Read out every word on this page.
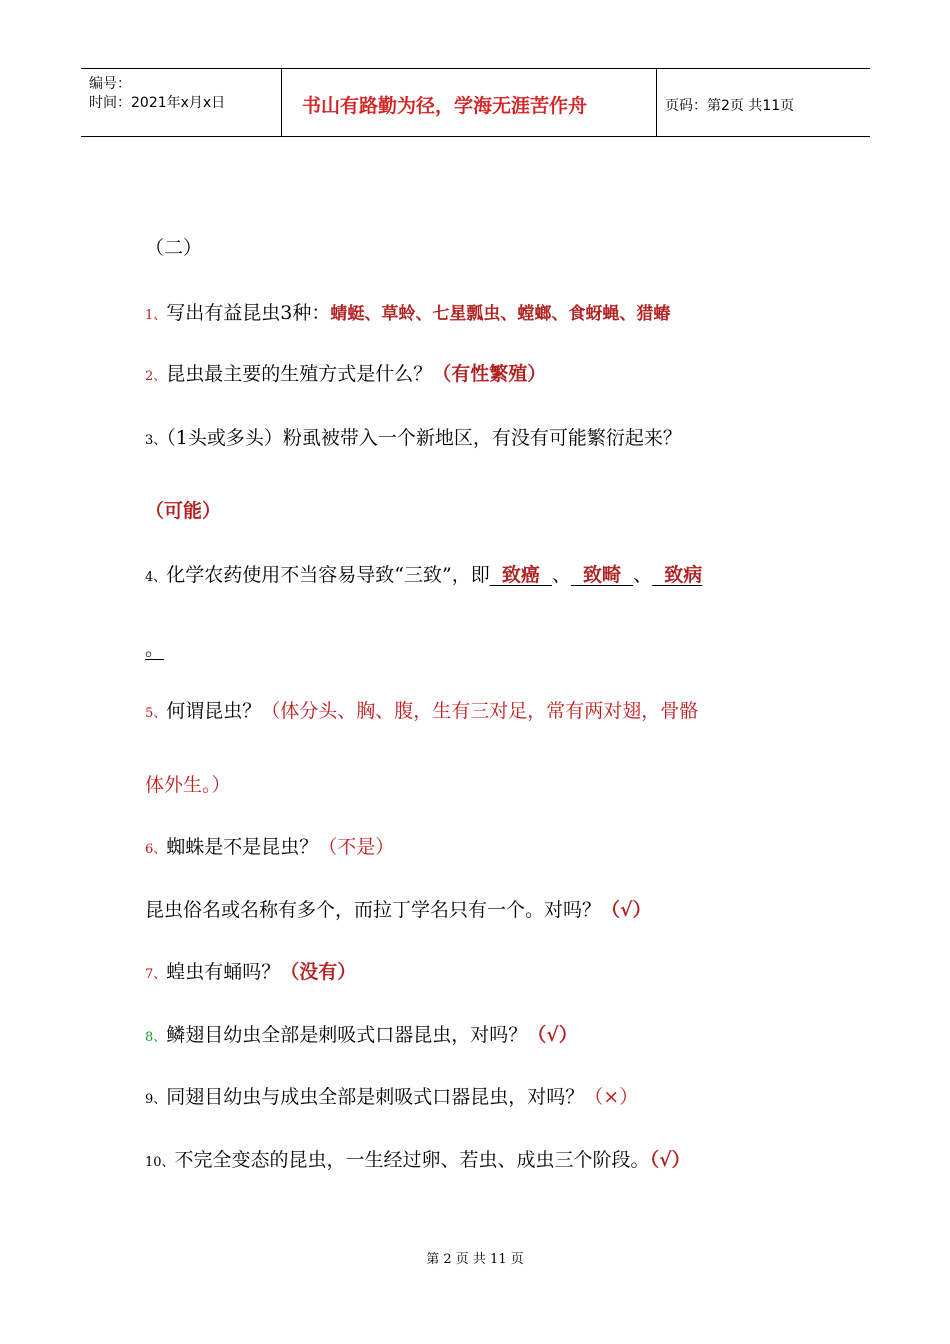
编号：
时间：2021年x月x日	书山有路勤为径，学海无涯苦作舟	页码：第2页 共11页
（二）
1、写出有益昆虫3种：蜻蜓、草蛉、七星瓢虫、螳螂、食蚜蝇、猎蝽
2、昆虫最主要的生殖方式是什么？（有性繁殖）
3、（1头或多头）粉虱被带入一个新地区，有没有可能繁衍起来？
（可能）
4、化学农药使用不当容易导致“三致”，即 致癌 、 致畸 、 致病
。
5、何谓昆虫？（体分头、胸、腹，生有三对足，常有两对翅，骨骼
体外生。）
6、蜘蛛是不是昆虫？（不是）
昆虫俗名或名称有多个，而拉丁学名只有一个。对吗？（√）
7、蝗虫有蛹吗？（没有）
8、鳞翅目幼虫全部是刺吸式口器昆虫，对吗？（√）
9、同翅目幼虫与成虫全部是刺吸式口器昆虫，对吗？（×）
10、不完全变态的昆虫，一生经过卵、若虫、成虫三个阶段。（√）
第 2 页 共 11 页
